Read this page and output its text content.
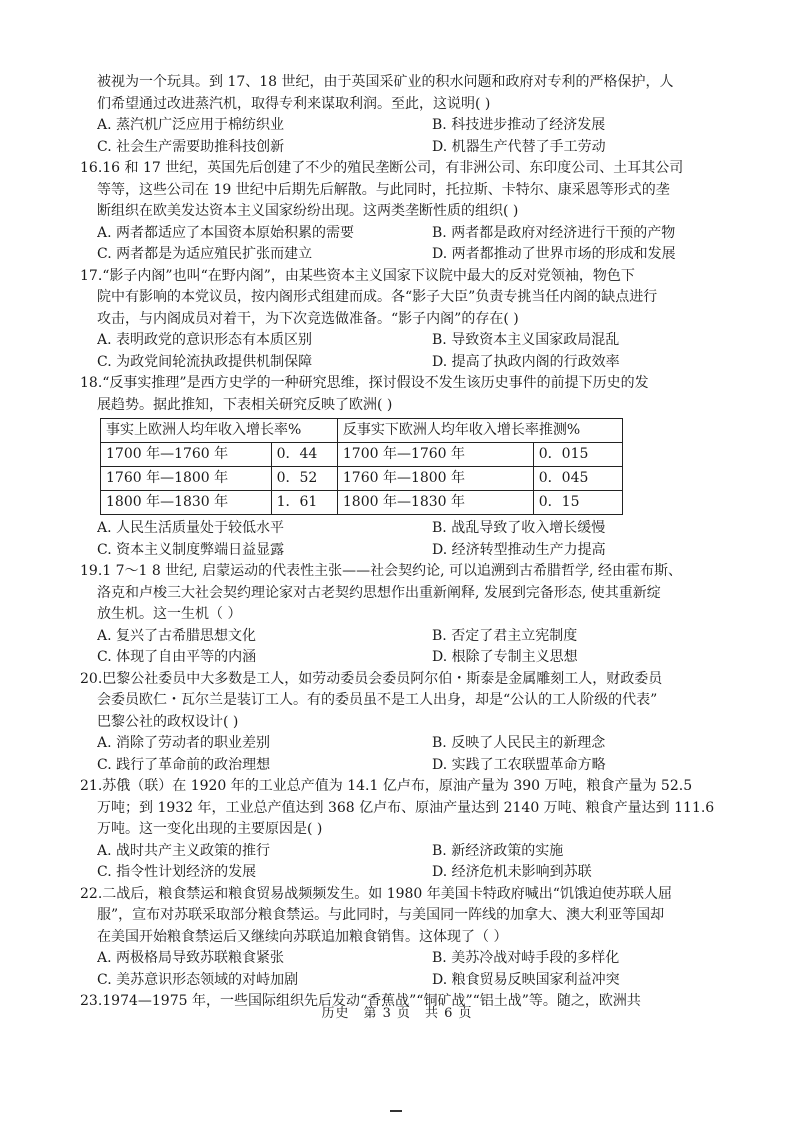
被视为一个玩具。到 17、18 世纪，由于英国采矿业的积水问题和政府对专利的严格保护，人

们希望通过改进蒸汽机，取得专利来谋取利润。至此，这说明( )

A. 蒸汽机广泛应用于棉纺织业	B. 科技进步推动了经济发展
C. 社会生产需要助推科技创新	D. 机器生产代替了手工劳动

16.16 和 17 世纪，英国先后创建了不少的殖民垄断公司，有非洲公司、东印度公司、土耳其公司

等等，这些公司在 19 世纪中后期先后解散。与此同时，托拉斯、卡特尔、康采恩等形式的垄

断组织在欧美发达资本主义国家纷纷出现。这两类垄断性质的组织( )

A. 两者都适应了本国资本原始积累的需要	B. 两者都是政府对经济进行干预的产物
C. 两者都是为适应殖民扩张而建立	D. 两者都推动了世界市场的形成和发展

17.“影子内阁”也叫“在野内阁”，由某些资本主义国家下议院中最大的反对党领袖，物色下

院中有影响的本党议员，按内阁形式组建而成。各“影子大臣”负责专挑当任内阁的缺点进行

攻击，与内阁成员对着干，为下次竞选做准备。“影子内阁”的存在( )

A. 表明政党的意识形态有本质区别	B. 导致资本主义国家政局混乱
C. 为政党间轮流执政提供机制保障	D. 提高了执政内阁的行政效率

18.“反事实推理”是西方史学的一种研究思维，探讨假设不发生该历史事件的前提下历史的发

展趋势。据此推知，下表相关研究反映了欧洲( )

事实上欧洲人均年收入增长率%		反事实下欧洲人均年收入增长率推测%	
1700 年—1760 年	0．44	1700 年—1760 年	0．015
1760 年—1800 年	0．52	1760 年—1800 年	0．045
1800 年—1830 年	1．61	1800 年—1830 年	0．15
A. 人民生活质量处于较低水平	B. 战乱导致了收入增长缓慢
C. 资本主义制度弊端日益显露	D. 经济转型推动生产力提高

19.1 7～1 8 世纪, 启蒙运动的代表性主张——社会契约论, 可以追溯到古希腊哲学, 经由霍布斯、

洛克和卢梭三大社会契约理论家对古老契约思想作出重新阐释, 发展到完备形态, 使其重新绽

放生机。这一生机（ ）

A. 复兴了古希腊思想文化	B. 否定了君主立宪制度
C. 体现了自由平等的内涵	D. 根除了专制主义思想

20.巴黎公社委员中大多数是工人，如劳动委员会委员阿尔伯・斯泰是金属雕刻工人，财政委员

会委员欧仁・瓦尔兰是装订工人。有的委员虽不是工人出身，却是“公认的工人阶级的代表”

巴黎公社的政权设计( )

A. 消除了劳动者的职业差别	B. 反映了人民民主的新理念
C. 践行了革命前的政治理想	D. 实践了工农联盟革命方略

21.苏俄（联）在 1920 年的工业总产值为 14.1 亿卢布，原油产量为 390 万吨，粮食产量为 52.5

万吨；到 1932 年，工业总产值达到 368 亿卢布、原油产量达到 2140 万吨、粮食产量达到 111.6

万吨。这一变化出现的主要原因是( )

A. 战时共产主义政策的推行	B. 新经济政策的实施
C. 指令性计划经济的发展	D. 经济危机未影响到苏联

22.二战后，粮食禁运和粮食贸易战频频发生。如 1980 年美国卡特政府喊出“饥饿迫使苏联人屈

服”，宣布对苏联采取部分粮食禁运。与此同时，与美国同一阵线的加拿大、澳大利亚等国却

在美国开始粮食禁运后又继续向苏联追加粮食销售。这体现了（ ）

A. 两极格局导致苏联粮食紧张	B. 美苏冷战对峙手段的多样化
C. 美苏意识形态领域的对峙加剧	D. 粮食贸易反映国家利益冲突

23.1974—1975 年，一些国际组织先后发动“香蕉战”“铜矿战”“铝土战”等。随之，欧洲共

历史　第 3 页　共 6 页
